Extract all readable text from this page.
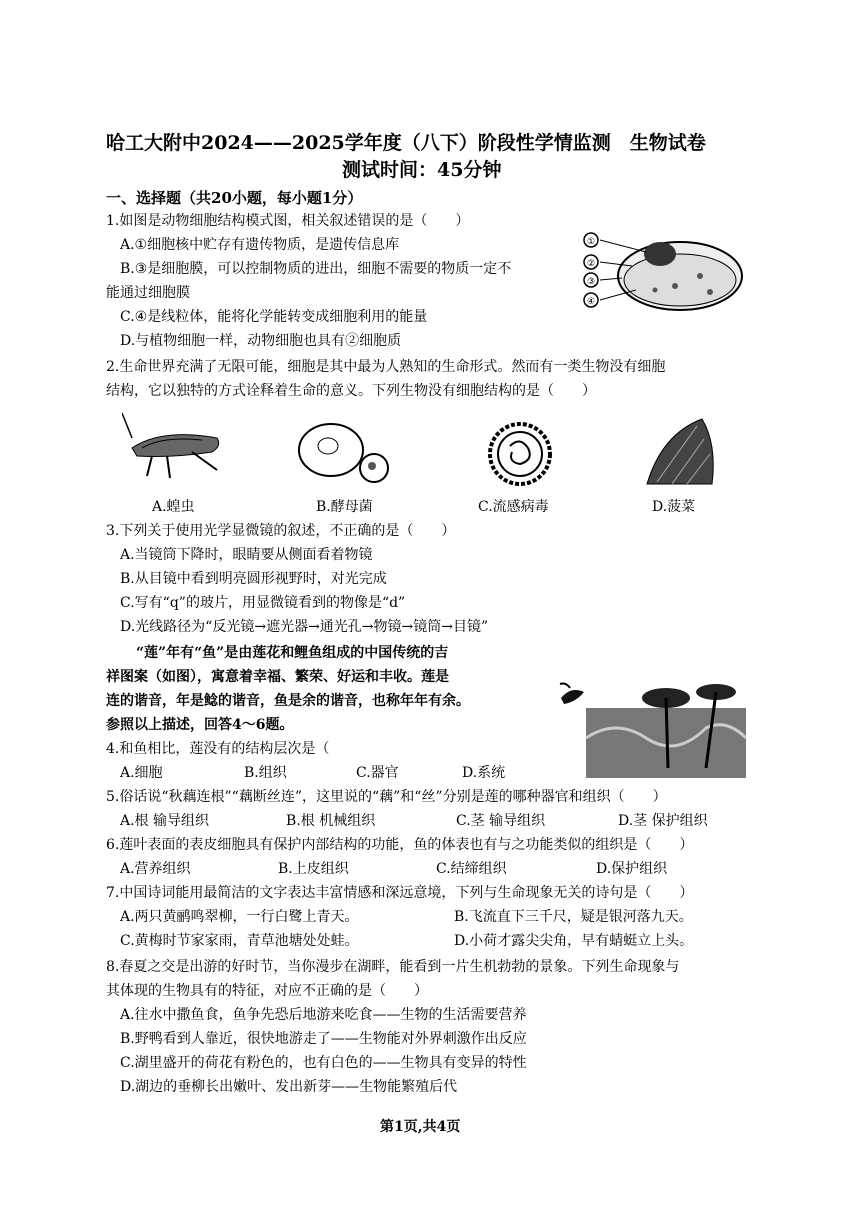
哈工大附中2024——2025学年度（八下）阶段性学情监测　生物试卷
测试时间：45分钟
一、选择题（共20小题，每小题1分）
1.如图是动物细胞结构模式图，相关叙述错误的是（　　）
A.①细胞核中贮存有遗传物质，是遗传信息库
B.③是细胞膜，可以控制物质的进出，细胞不需要的物质一定不
能通过细胞膜
C.④是线粒体，能将化学能转变成细胞利用的能量
D.与植物细胞一样，动物细胞也具有②细胞质
①
②
③
④
2.生命世界充满了无限可能，细胞是其中最为人熟知的生命形式。然而有一类生物没有细胞
结构，它以独特的方式诠释着生命的意义。下列生物没有细胞结构的是（　　）
A.蝗虫	B.酵母菌	C.流感病毒	D.菠菜
3.下列关于使用光学显微镜的叙述，不正确的是（　　）
A.当镜筒下降时，眼睛要从侧面看着物镜
B.从目镜中看到明亮圆形视野时，对光完成
C.写有“q”的玻片，用显微镜看到的物像是“d”
D.光线路径为“反光镜→遮光器→通光孔→物镜→镜筒→目镜”
“莲”年有“鱼”是由莲花和鲤鱼组成的中国传统的吉
祥图案（如图），寓意着幸福、繁荣、好运和丰收。莲是
连的谐音，年是鲶的谐音，鱼是余的谐音，也称年年有余。
参照以上描述，回答4～6题。
4.和鱼相比，莲没有的结构层次是（
A.细胞	B.组织	C.器官	D.系统
5.俗话说“秋藕连根”“藕断丝连”，这里说的“藕”和“丝”分别是莲的哪种器官和组织（　　）
A.根 输导组织	B.根 机械组织	C.茎 输导组织	D.茎 保护组织
6.莲叶表面的表皮细胞具有保护内部结构的功能，鱼的体表也有与之功能类似的组织是（　　）
A.营养组织	B.上皮组织	C.结缔组织	D.保护组织
7.中国诗词能用最简洁的文字表达丰富情感和深远意境，下列与生命现象无关的诗句是（　　）
A.两只黄鹂鸣翠柳，一行白鹭上青天。	B.飞流直下三千尺，疑是银河落九天。
C.黄梅时节家家雨，青草池塘处处蛙。	D.小荷才露尖尖角，早有蜻蜓立上头。
8.春夏之交是出游的好时节，当你漫步在湖畔，能看到一片生机勃勃的景象。下列生命现象与
其体现的生物具有的特征，对应不正确的是（　　）
A.往水中撒鱼食，鱼争先恐后地游来吃食——生物的生活需要营养
B.野鸭看到人靠近，很快地游走了——生物能对外界刺激作出反应
C.湖里盛开的荷花有粉色的，也有白色的——生物具有变异的特性
D.湖边的垂柳长出嫩叶、发出新芽——生物能繁殖后代
第1页,共4页
